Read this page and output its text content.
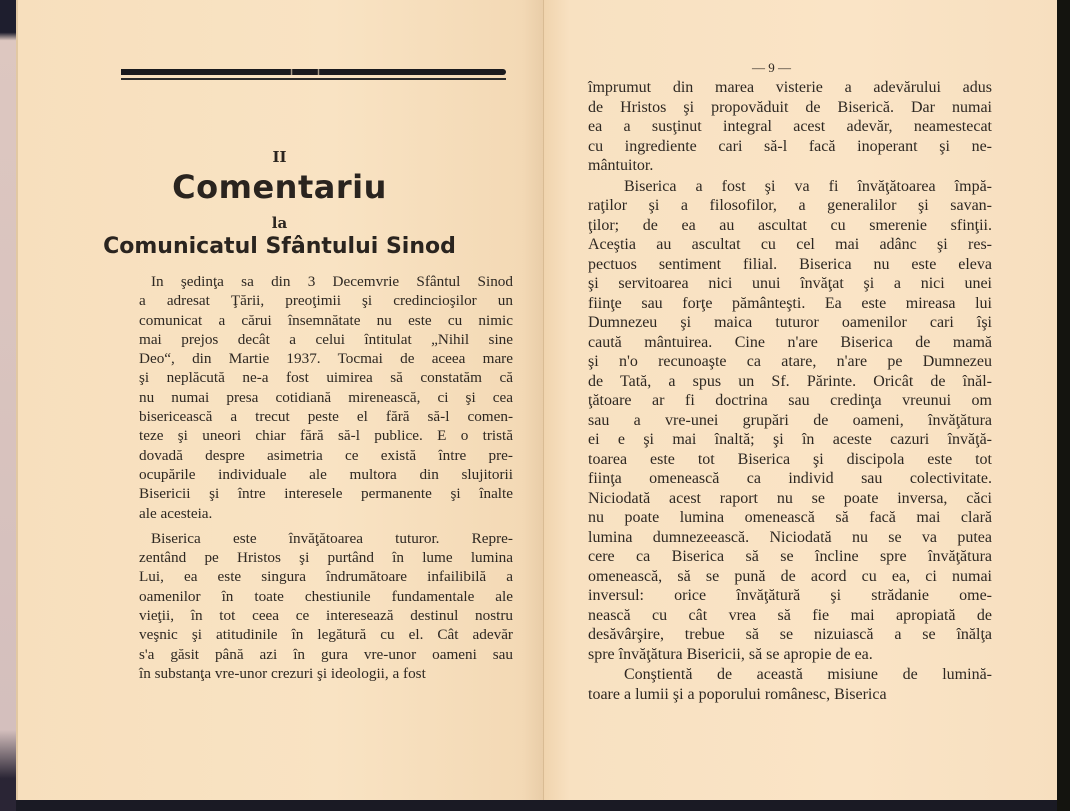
II
Comentariu
la
Comunicatul Sfântului Sinod
In şedinţa sa din 3 Decemvrie Sfântul Sinod
a adresat Ţării, preoţimii şi credincioşilor un
comunicat a cărui însemnătate nu este cu nimic
mai prejos decât a celui întitulat „Nihil sine
Deo“, din Martie 1937. Tocmai de aceea mare
şi neplăcută ne-a fost uimirea să constatăm că
nu numai presa cotidiană mirenească, ci şi cea
bisericească a trecut peste el fără să-l comen-
teze şi uneori chiar fără să-l publice. E o tristă
dovadă despre asimetria ce există între pre-
ocupările individuale ale multora din slujitorii
Bisericii şi între interesele permanente şi înalte
ale acesteia.
Biserica este învăţătoarea tuturor. Repre-
zentând pe Hristos şi purtând în lume lumina
Lui, ea este singura îndrumătoare infailibilă a
oamenilor în toate chestiunile fundamentale ale
vieţii, în tot ceea ce interesează destinul nostru
veşnic şi atitudinile în legătură cu el. Cât adevăr
s'a găsit până azi în gura vre-unor oameni sau
în substanţa vre-unor crezuri şi ideologii, a fost
— 9 —
împrumut din marea visterie a adevărului adus
de Hristos şi propovăduit de Biserică. Dar numai
ea a susţinut integral acest adevăr, neamestecat
cu ingrediente cari să-l facă inoperant şi ne-
mântuitor.
Biserica a fost şi va fi învăţătoarea împă-
raţilor şi a filosofilor, a generalilor şi savan-
ţilor; de ea au ascultat cu smerenie sfinţii.
Aceştia au ascultat cu cel mai adânc şi res-
pectuos sentiment filial. Biserica nu este eleva
şi servitoarea nici unui învăţat şi a nici unei
fiinţe sau forţe pământeşti. Ea este mireasa lui
Dumnezeu şi maica tuturor oamenilor cari îşi
caută mântuirea. Cine n'are Biserica de mamă
şi n'o recunoaşte ca atare, n'are pe Dumnezeu
de Tată, a spus un Sf. Părinte. Oricât de înăl-
ţătoare ar fi doctrina sau credinţa vreunui om
sau a vre-unei grupări de oameni, învăţătura
ei e şi mai înaltă; şi în aceste cazuri învăţă-
toarea este tot Biserica şi discipola este tot
fiinţa omenească ca individ sau colectivitate.
Niciodată acest raport nu se poate inversa, căci
nu poate lumina omenească să facă mai clară
lumina dumnezeească. Niciodată nu se va putea
cere ca Biserica să se încline spre învăţătura
omenească, să se pună de acord cu ea, ci numai
inversul: orice învăţătură şi strădanie ome-
nească cu cât vrea să fie mai apropiată de
desăvârşire, trebue să se nizuiască a se înălţa
spre învăţătura Bisericii, să se apropie de ea.
Conştientă de această misiune de lumină-
toare a lumii şi a poporului românesc, Biserica
